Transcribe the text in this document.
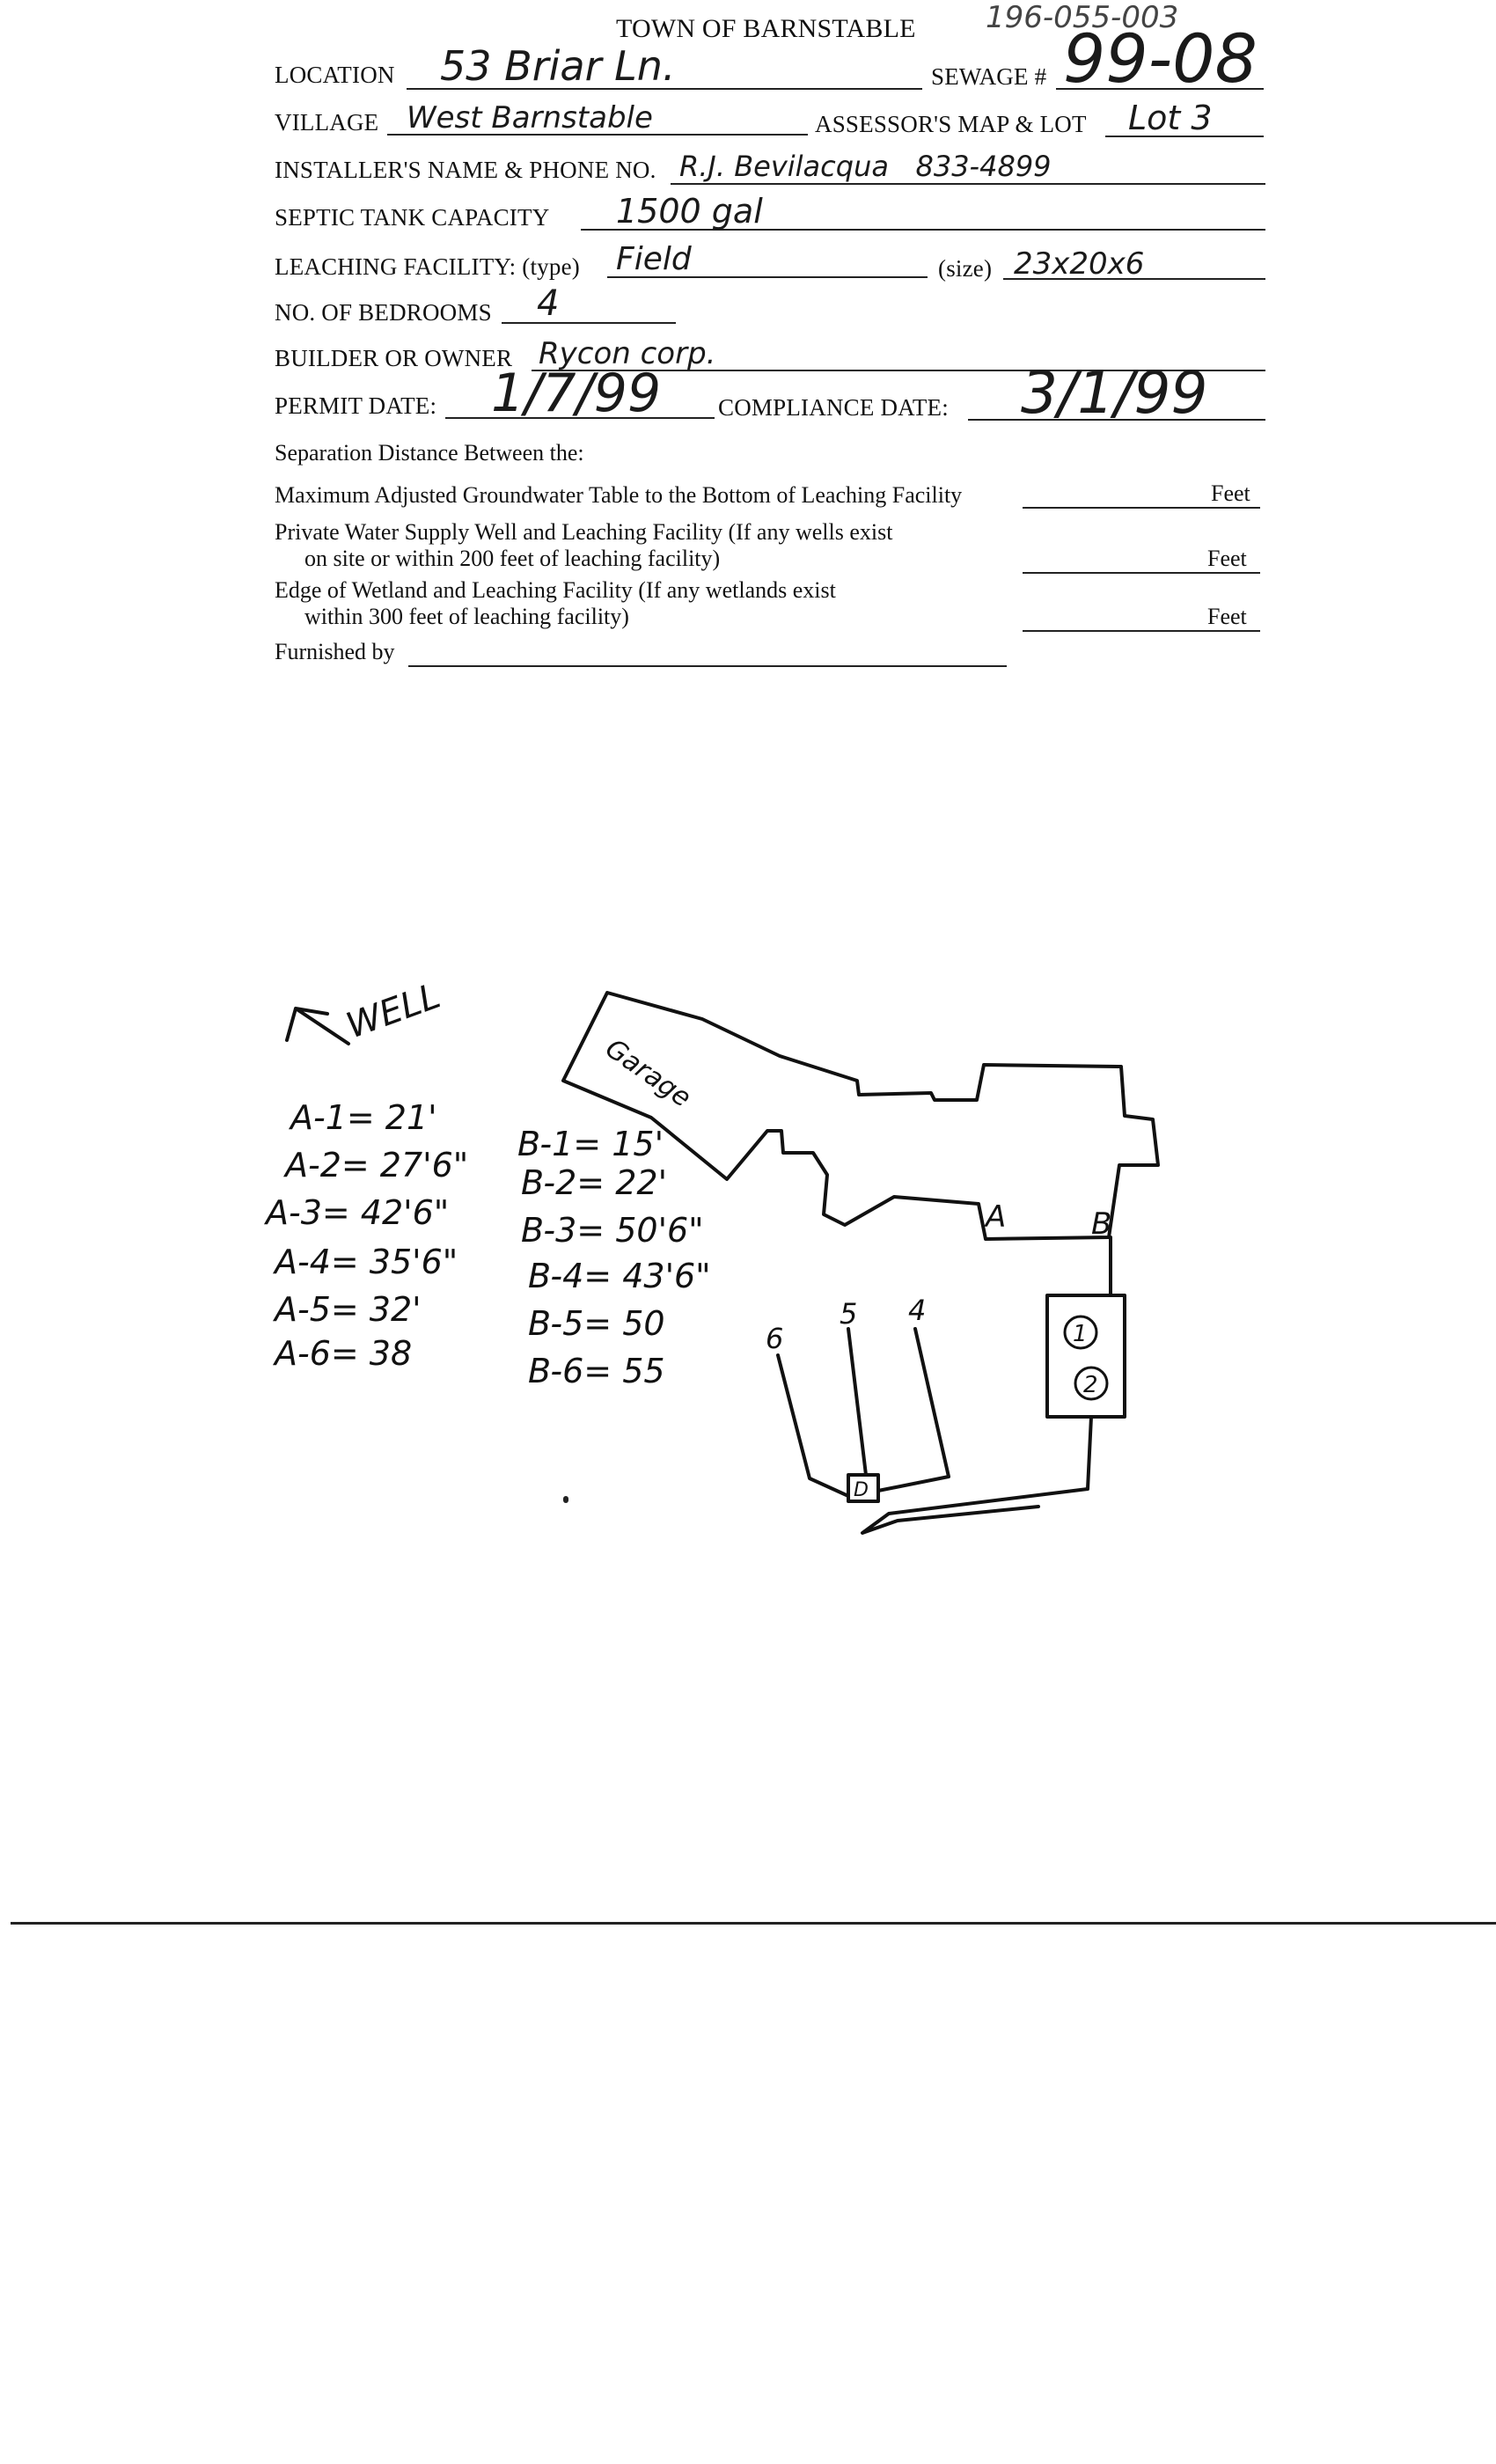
196-055-003
TOWN OF BARNSTABLE
LOCATION 53 Briar Ln.	SEWAGE # 99-08
VILLAGE West Barnstable	ASSESSOR'S MAP & LOT Lot 3
INSTALLER'S NAME & PHONE NO. R.J. Bevilacqua   833-4899
SEPTIC TANK CAPACITY 1500 gal
LEACHING FACILITY: (type) Field	(size) 23x20x6
NO. OF BEDROOMS 4
BUILDER OR OWNER Rycon corp.
PERMIT DATE: 1/7/99 COMPLIANCE DATE: 3/1/99
Separation Distance Between the:
Maximum Adjusted Groundwater Table to the Bottom of Leaching Facility	Feet
Private Water Supply Well and Leaching Facility (If any wells exist
on site or within 200 feet of leaching facility)	Feet
Edge of Wetland and Leaching Facility (If any wetlands exist
within 300 feet of leaching facility)	Feet
Furnished by
WELL
Garage
A	B
1
2
D
6
5 4
A-1= 21'
A-2= 27'6"
A-3= 42'6"
A-4= 35'6"
A-5= 32'
A-6= 38
B-1= 15'
B-2= 22'
B-3= 50'6"
B-4= 43'6"
B-5= 50
B-6= 55
